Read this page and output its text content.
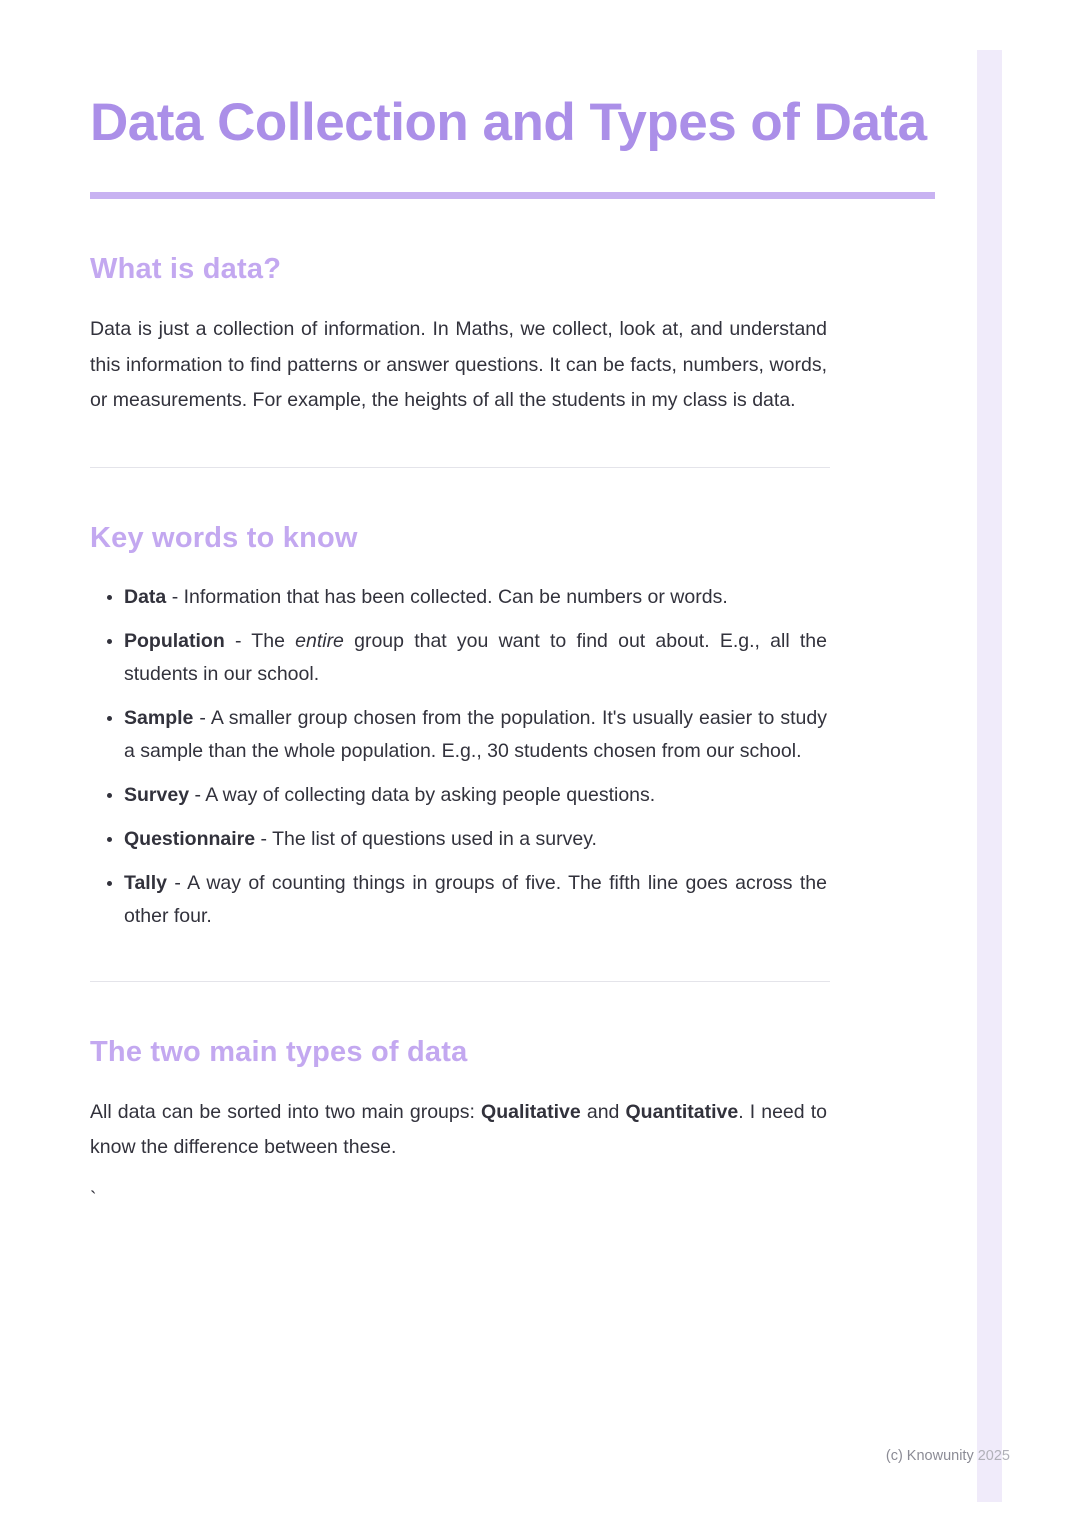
Data Collection and Types of Data
What is data?

Data is just a collection of information. In Maths, we collect, look at, and understand this information to find patterns or answer questions. It can be facts, numbers, words, or measurements. For example, the heights of all the students in my class is data.

Key words to know
• Data - Information that has been collected. Can be numbers or words.
• Population - The entire group that you want to find out about. E.g., all the students in our school.
• Sample - A smaller group chosen from the population. It's usually easier to study a sample than the whole population. E.g., 30 students chosen from our school.
• Survey - A way of collecting data by asking people questions.
• Questionnaire - The list of questions used in a survey.
• Tally - A way of counting things in groups of five. The fifth line goes across the other four.
The two main types of data

All data can be sorted into two main groups: Qualitative and Quantitative. I need to know the difference between these.

`

(c) Knowunity 2025
